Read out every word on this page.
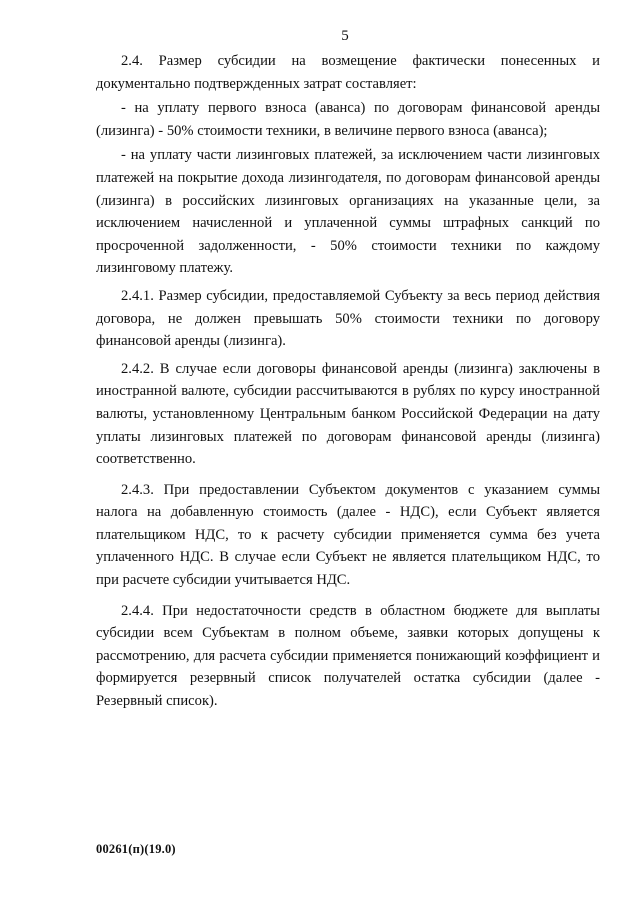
5

2.4. Размер субсидии на возмещение фактически понесенных и документально подтвержденных затрат составляет:

- на уплату первого взноса (аванса) по договорам финансовой аренды (лизинга) - 50% стоимости техники, в величине первого взноса (аванса);

- на уплату части лизинговых платежей, за исключением части лизинговых платежей на покрытие дохода лизингодателя, по договорам финансовой аренды (лизинга) в российских лизинговых организациях на указанные цели, за исключением начисленной и уплаченной суммы штрафных санкций по просроченной задолженности, - 50% стоимости техники по каждому лизинговому платежу.

2.4.1. Размер субсидии, предоставляемой Субъекту за весь период действия договора, не должен превышать 50% стоимости техники по договору финансовой аренды (лизинга).

2.4.2. В случае если договоры финансовой аренды (лизинга) заключены в иностранной валюте, субсидии рассчитываются в рублях по курсу иностранной валюты, установленному Центральным банком Российской Федерации на дату уплаты лизинговых платежей по договорам финансовой аренды (лизинга) соответственно.

2.4.3. При предоставлении Субъектом документов с указанием суммы налога на добавленную стоимость (далее - НДС), если Субъект является плательщиком НДС, то к расчету субсидии применяется сумма без учета уплаченного НДС. В случае если Субъект не является плательщиком НДС, то при расчете субсидии учитывается НДС.

2.4.4. При недостаточности средств в областном бюджете для выплаты субсидии всем Субъектам в полном объеме, заявки которых допущены к рассмотрению, для расчета субсидии применяется понижающий коэффициент и формируется резервный список получателей остатка субсидии (далее - Резервный список).

00261(п)(19.0)
